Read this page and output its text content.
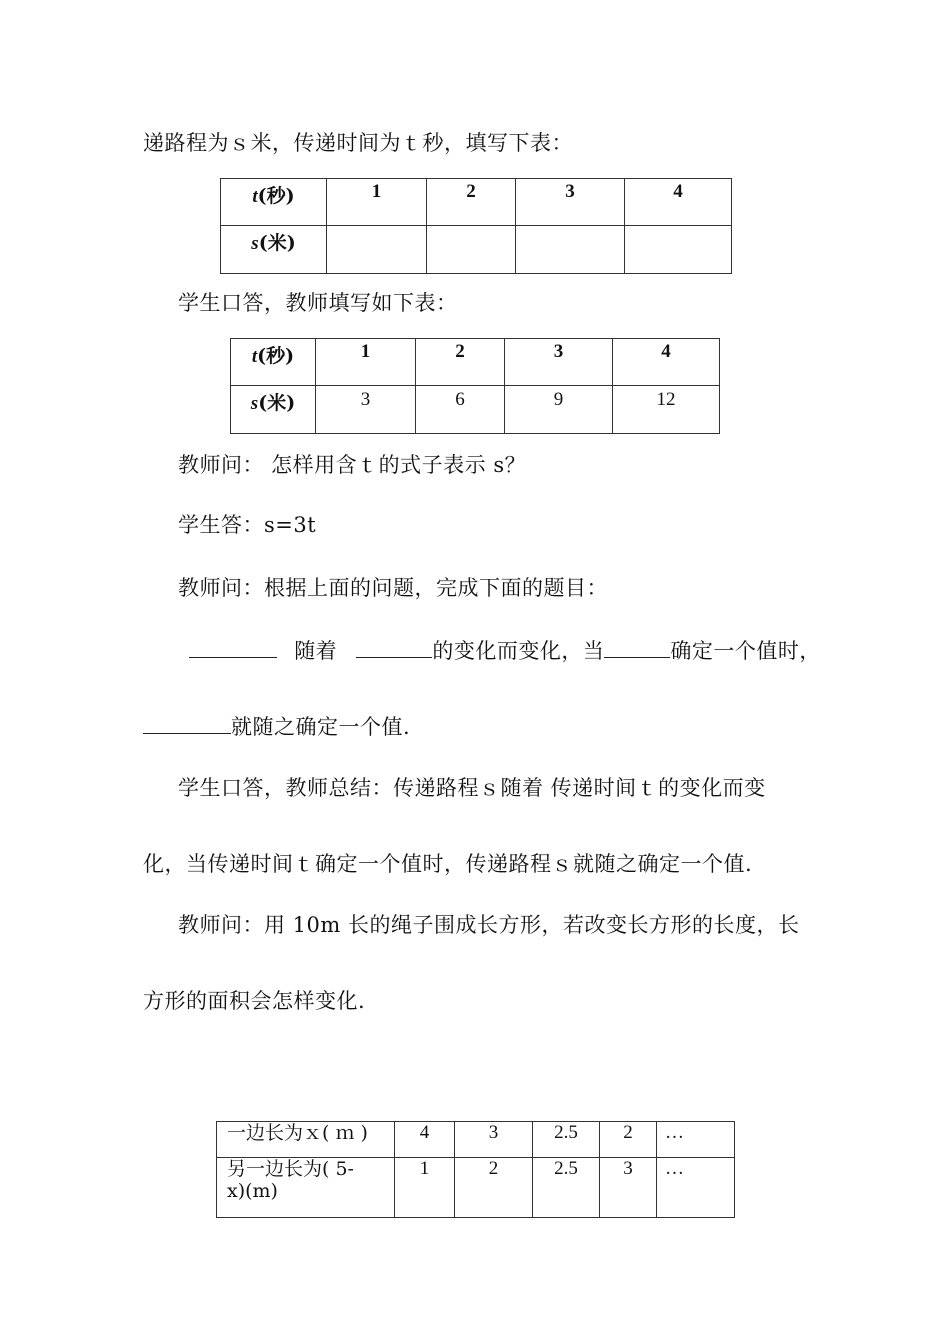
递路程为ｓ米，传递时间为ｔ秒，填写下表：
t(秒)	1	2	3	4
s(米)				
学生口答，教师填写如下表：
t(秒)	1	2	3	4
s(米)	3	6	9	12
教师问： 怎样用含ｔ的式子表示 s？
学生答：s=3t
教师问：根据上面的问题，完成下面的题目：
随着	的变化而变化，当	确定一个值时，
就随之确定一个值.
学生口答，教师总结：传递路程ｓ随着 传递时间ｔ的变化而变
化，当传递时间ｔ确定一个值时，传递路程ｓ就随之确定一个值.
教师问：用 10m 长的绳子围成长方形，若改变长方形的长度，长
方形的面积会怎样变化.
一边长为ｘ( ｍ )	4	3	2.5	2	…

另一边长为( 5-
x)(m)	1	2	2.5	3	…
